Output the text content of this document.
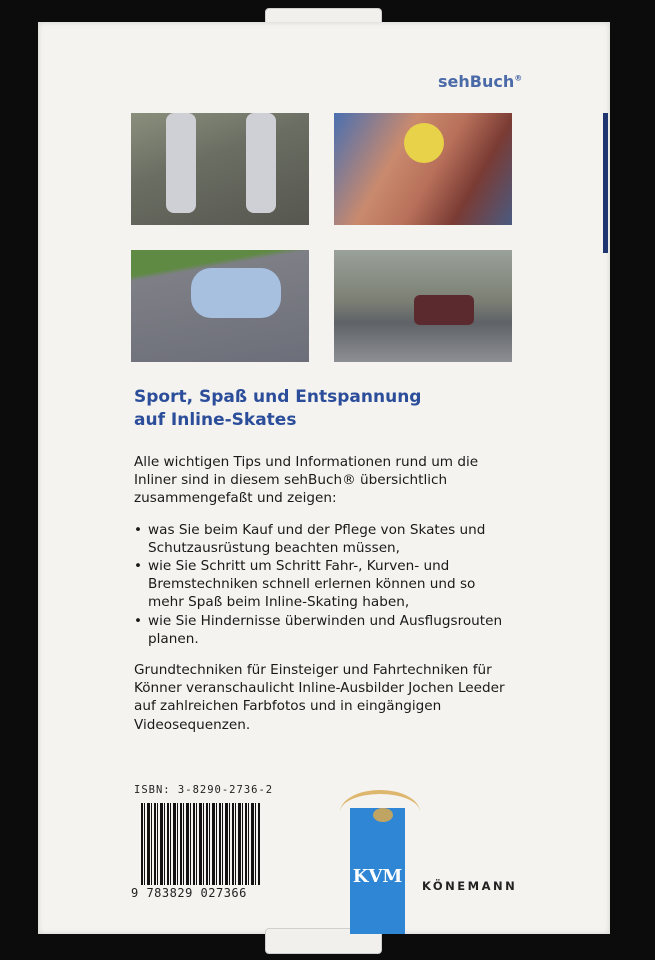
sehBuch®
Sport, Spaß und Entspannung
auf Inline-Skates

Alle wichtigen Tips und Informationen rund um die Inliner sind in diesem sehBuch® übersichtlich zusammengefaßt und zeigen:

• was Sie beim Kauf und der Pflege von Skates und Schutzausrüstung beachten müssen,
• wie Sie Schritt um Schritt Fahr-, Kurven- und Bremstechniken schnell erlernen können und so mehr Spaß beim Inline-Skating haben,
• wie Sie Hindernisse überwinden und Ausflugsrouten planen.

Grundtechniken für Einsteiger und Fahrtechniken für Könner veranschaulicht Inline-Ausbilder Jochen Leeder auf zahlreichen Farbfotos und in eingängigen Videosequenzen.

ISBN: 3-8290-2736-2
9 783829 027366
KVM KÖNEMANN
